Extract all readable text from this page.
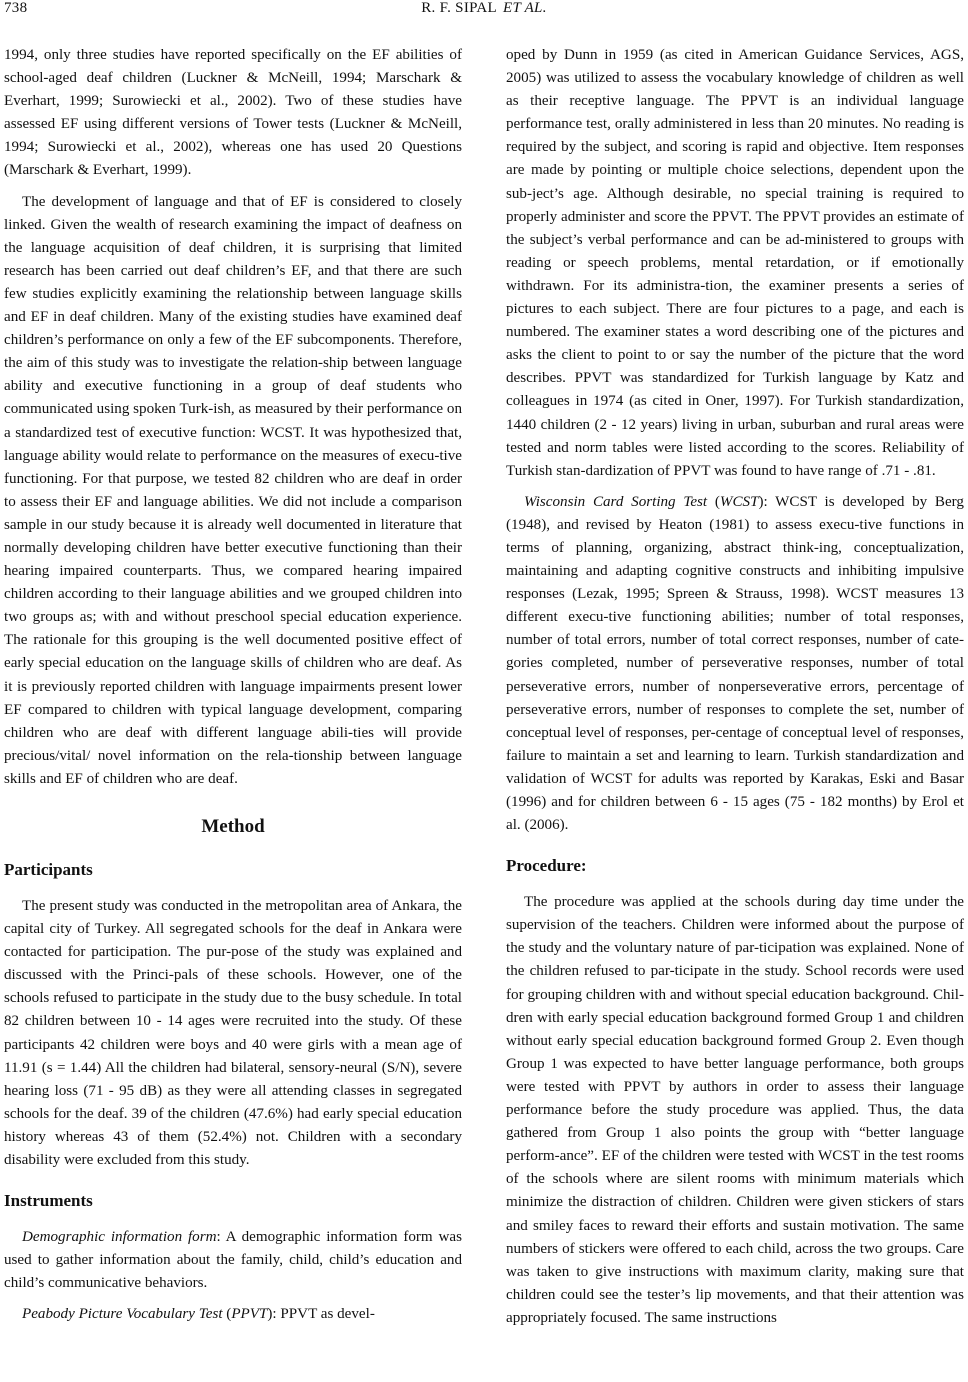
738	R. F. SIPAL ET AL.

1994, only three studies have reported specifically on the EF abilities of school-aged deaf children (Luckner & McNeill, 1994; Marschark & Everhart, 1999; Surowiecki et al., 2002). Two of these studies have assessed EF using different versions of Tower tests (Luckner & McNeill, 1994; Surowiecki et al., 2002), whereas one has used 20 Questions (Marschark & Everhart, 1999).

The development of language and that of EF is considered to closely linked. Given the wealth of research examining the impact of deafness on the language acquisition of deaf children, it is surprising that limited research has been carried out deaf children’s EF, and that there are such few studies explicitly examining the relationship between language skills and EF in deaf children. Many of the existing studies have examined deaf children’s performance on only a few of the EF subcomponents. Therefore, the aim of this study was to investigate the relation-ship between language ability and executive functioning in a group of deaf students who communicated using spoken Turk-ish, as measured by their performance on a standardized test of executive function: WCST. It was hypothesized that, language ability would relate to performance on the measures of execu-tive functioning. For that purpose, we tested 82 children who are deaf in order to assess their EF and language abilities. We did not include a comparison sample in our study because it is already well documented in literature that normally developing children have better executive functioning than their hearing impaired counterparts. Thus, we compared hearing impaired children according to their language abilities and we grouped children into two groups as; with and without preschool special education experience. The rationale for this grouping is the well documented positive effect of early special education on the language skills of children who are deaf. As it is previously reported children with language impairments present lower EF compared to children with typical language development, comparing children who are deaf with different language abili-ties will provide precious/vital/ novel information on the rela-tionship between language skills and EF of children who are deaf.

Method
Participants

The present study was conducted in the metropolitan area of Ankara, the capital city of Turkey. All segregated schools for the deaf in Ankara were contacted for participation. The pur-pose of the study was explained and discussed with the Princi-pals of these schools. However, one of the schools refused to participate in the study due to the busy schedule. In total 82 children between 10 - 14 ages were recruited into the study. Of these participants 42 children were boys and 40 were girls with a mean age of 11.91 (s = 1.44) All the children had bilateral, sensory-neural (S/N), severe hearing loss (71 - 95 dB) as they were all attending classes in segregated schools for the deaf. 39 of the children (47.6%) had early special education history whereas 43 of them (52.4%) not. Children with a secondary disability were excluded from this study.

Instruments

Demographic information form: A demographic information form was used to gather information about the family, child, child’s education and child’s communicative behaviors.

Peabody Picture Vocabulary Test (PPVT): PPVT as devel-

oped by Dunn in 1959 (as cited in American Guidance Services, AGS, 2005) was utilized to assess the vocabulary knowledge of children as well as their receptive language. The PPVT is an individual language performance test, orally administered in less than 20 minutes. No reading is required by the subject, and scoring is rapid and objective. Item responses are made by pointing or multiple choice selections, dependent upon the sub-ject’s age. Although desirable, no special training is required to properly administer and score the PPVT. The PPVT provides an estimate of the subject’s verbal performance and can be ad-ministered to groups with reading or speech problems, mental retardation, or if emotionally withdrawn. For its administra-tion, the examiner presents a series of pictures to each subject. There are four pictures to a page, and each is numbered. The examiner states a word describing one of the pictures and asks the client to point to or say the number of the picture that the word describes. PPVT was standardized for Turkish language by Katz and colleagues in 1974 (as cited in Oner, 1997). For Turkish standardization, 1440 children (2 - 12 years) living in urban, suburban and rural areas were tested and norm tables were listed according to the scores. Reliability of Turkish stan-dardization of PPVT was found to have range of .71 - .81.

Wisconsin Card Sorting Test (WCST): WCST is developed by Berg (1948), and revised by Heaton (1981) to assess execu-tive functions in terms of planning, organizing, abstract think-ing, conceptualization, maintaining and adapting cognitive constructs and inhibiting impulsive responses (Lezak, 1995; Spreen & Strauss, 1998). WCST measures 13 different execu-tive functioning abilities; number of total responses, number of total errors, number of total correct responses, number of cate-gories completed, number of perseverative responses, number of total perseverative errors, number of nonperseverative errors, percentage of perseverative errors, number of responses to complete the set, number of conceptual level of responses, per-centage of conceptual level of responses, failure to maintain a set and learning to learn. Turkish standardization and validation of WCST for adults was reported by Karakas, Eski and Basar (1996) and for children between 6 - 15 ages (75 - 182 months) by Erol et al. (2006).

Procedure:

The procedure was applied at the schools during day time under the supervision of the teachers. Children were informed about the purpose of the study and the voluntary nature of par-ticipation was explained. None of the children refused to par-ticipate in the study. School records were used for grouping children with and without special education background. Chil-dren with early special education background formed Group 1 and children without early special education background formed Group 2. Even though Group 1 was expected to have better language performance, both groups were tested with PPVT by authors in order to assess their language performance before the study procedure was applied. Thus, the data gathered from Group 1 also points the group with “better language perform-ance”. EF of the children were tested with WCST in the test rooms of the schools where are silent rooms with minimum materials which minimize the distraction of children. Children were given stickers of stars and smiley faces to reward their efforts and sustain motivation. The same numbers of stickers were offered to each child, across the two groups. Care was taken to give instructions with maximum clarity, making sure that children could see the tester’s lip movements, and that their attention was appropriately focused. The same instructions
